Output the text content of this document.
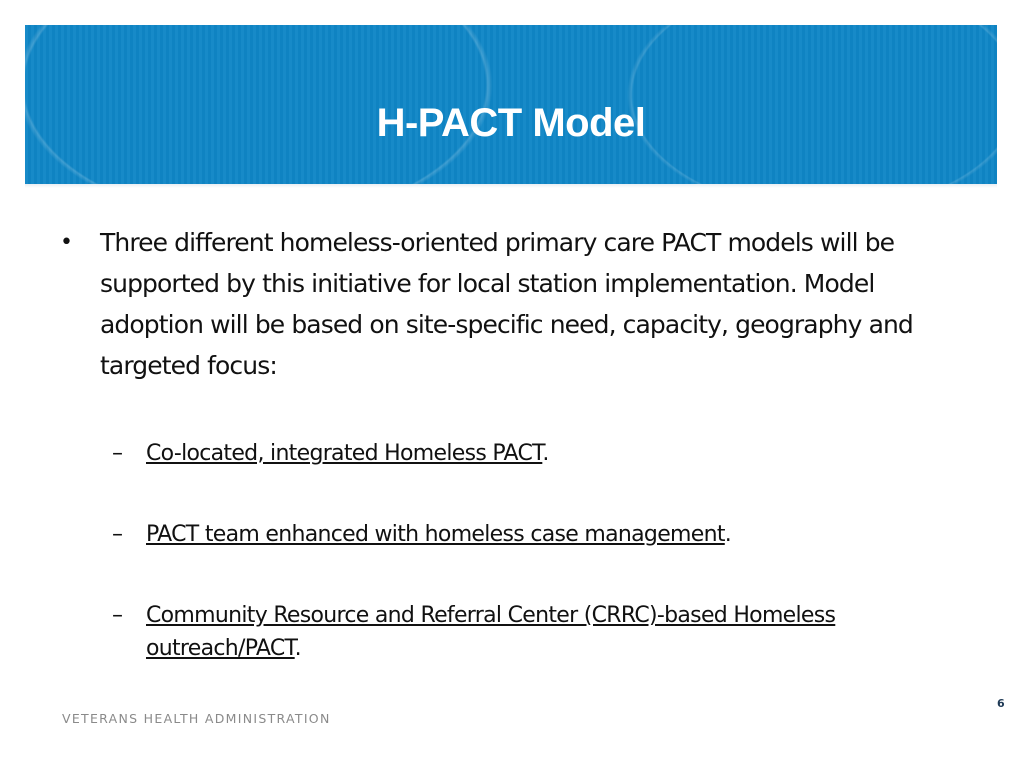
H-PACT Model
•	Three different homeless-oriented primary care PACT models will be supported by this initiative for local station implementation. Model adoption will be based on site-specific need, capacity, geography and targeted focus:
–	Co-located, integrated Homeless PACT.
–	PACT team enhanced with homeless case management.
–	Community Resource and Referral Center (CRRC)-based Homeless outreach/PACT.
VETERANS HEALTH ADMINISTRATION
6
